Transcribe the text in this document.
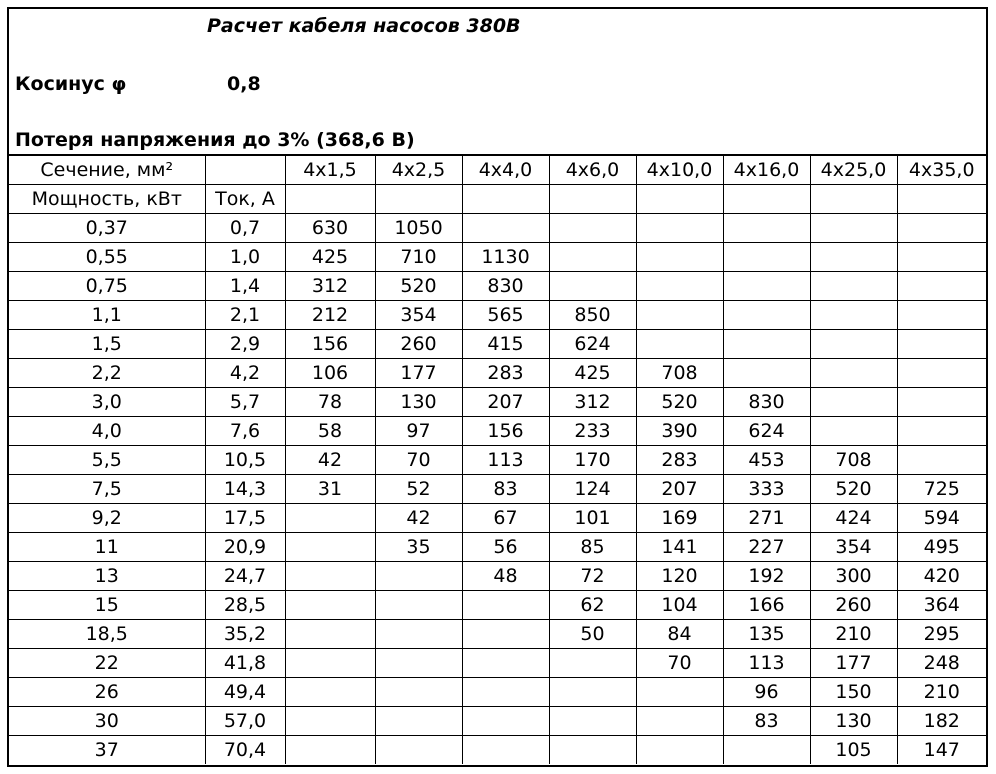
Расчет кабеля насосов 380В
Косинус φ	0,8
Потеря напряжения до 3% (368,6 В)
Сечение, мм²		4x1,5	4x2,5	4x4,0	4x6,0	4x10,0	4x16,0	4x25,0	4x35,0
Мощность, кВт	Ток, А								
0,37	0,7	630	1050						
0,55	1,0	425	710	1130					
0,75	1,4	312	520	830					
1,1	2,1	212	354	565	850				
1,5	2,9	156	260	415	624				
2,2	4,2	106	177	283	425	708			
3,0	5,7	78	130	207	312	520	830		
4,0	7,6	58	97	156	233	390	624		
5,5	10,5	42	70	113	170	283	453	708	
7,5	14,3	31	52	83	124	207	333	520	725
9,2	17,5		42	67	101	169	271	424	594
11	20,9		35	56	85	141	227	354	495
13	24,7			48	72	120	192	300	420
15	28,5				62	104	166	260	364
18,5	35,2				50	84	135	210	295
22	41,8					70	113	177	248
26	49,4						96	150	210
30	57,0						83	130	182
37	70,4							105	147
